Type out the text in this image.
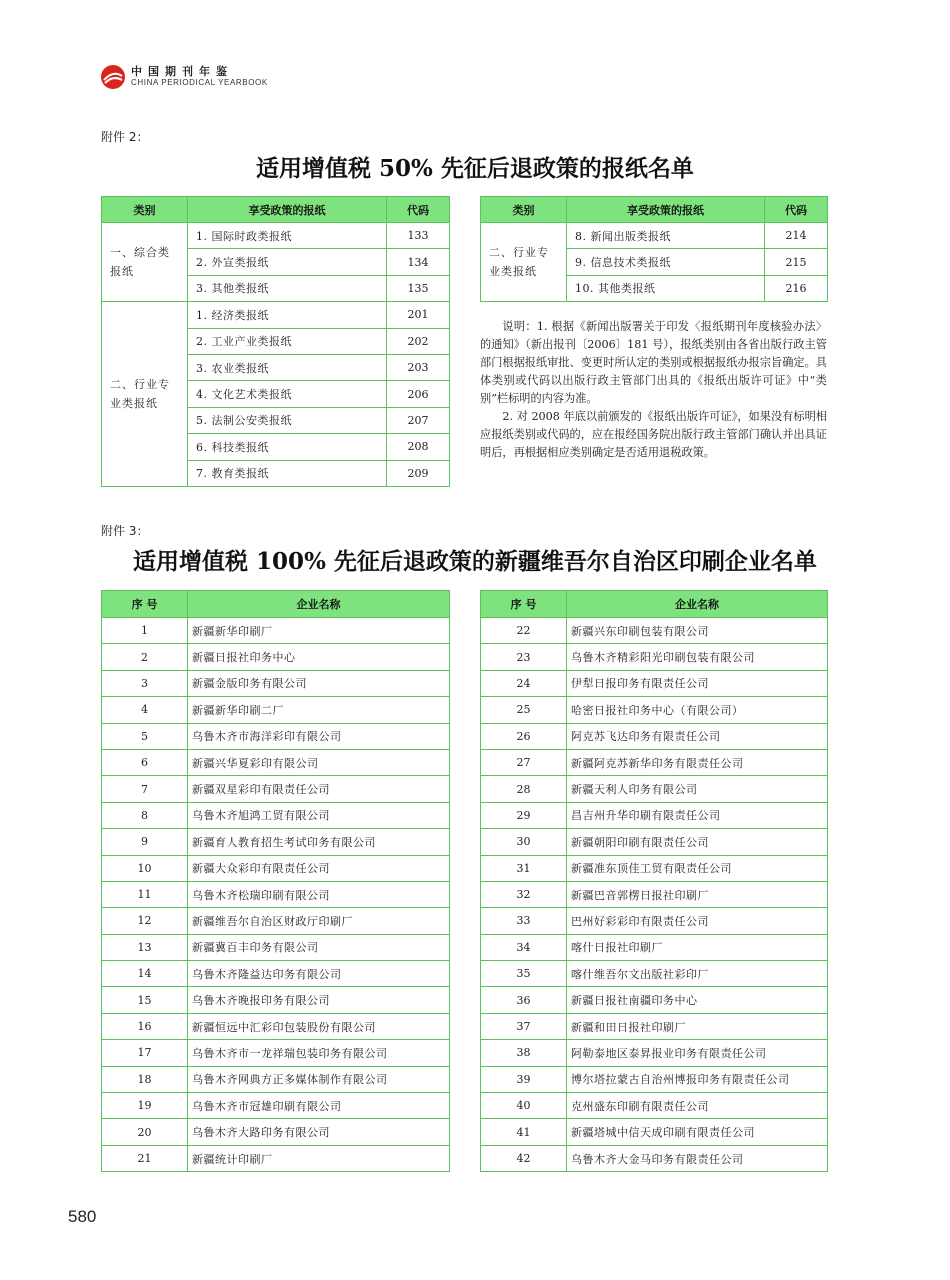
中国期刊年鉴
CHINA PERIODICAL YEARBOOK
附件 2：
适用增值税 50% 先征后退政策的报纸名单
类别	享受政策的报纸	代码
一、综合类报纸	1. 国际时政类报纸	133
	2. 外宣类报纸	134
	3. 其他类报纸	135
二、行业专业类报纸	1. 经济类报纸	201
	2. 工业产业类报纸	202
	3. 农业类报纸	203
	4. 文化艺术类报纸	206
	5. 法制公安类报纸	207
	6. 科技类报纸	208
	7. 教育类报纸	209
类别	享受政策的报纸	代码
二、行业专业类报纸	8. 新闻出版类报纸	214
	9. 信息技术类报纸	215
	10. 其他类报纸	216

说明：1. 根据《新闻出版署关于印发〈报纸期刊年度核验办法〉的通知》（新出报刊〔2006〕181 号），报纸类别由各省出版行政主管部门根据报纸审批、变更时所认定的类别或根据报纸办报宗旨确定。具体类别或代码以出版行政主管部门出具的《报纸出版许可证》中“类别”栏标明的内容为准。

2. 对 2008 年底以前颁发的《报纸出版许可证》，如果没有标明相应报纸类别或代码的，应在报经国务院出版行政主管部门确认并出具证明后，再根据相应类别确定是否适用退税政策。

附件 3：
适用增值税 100% 先征后退政策的新疆维吾尔自治区印刷企业名单
序 号	企业名称
1	新疆新华印刷厂
2	新疆日报社印务中心
3	新疆金版印务有限公司
4	新疆新华印刷二厂
5	乌鲁木齐市海洋彩印有限公司
6	新疆兴华夏彩印有限公司
7	新疆双星彩印有限责任公司
8	乌鲁木齐旭鸿工贸有限公司
9	新疆育人教育招生考试印务有限公司
10	新疆大众彩印有限责任公司
11	乌鲁木齐松瑞印刷有限公司
12	新疆维吾尔自治区财政厅印刷厂
13	新疆冀百丰印务有限公司
14	乌鲁木齐隆益达印务有限公司
15	乌鲁木齐晚报印务有限公司
16	新疆恒远中汇彩印包装股份有限公司
17	乌鲁木齐市一龙祥瑞包装印务有限公司
18	乌鲁木齐网典方正多媒体制作有限公司
19	乌鲁木齐市冠雄印刷有限公司
20	乌鲁木齐大路印务有限公司
21	新疆统计印刷厂
序 号	企业名称
22	新疆兴东印刷包装有限公司
23	乌鲁木齐精彩阳光印刷包装有限公司
24	伊犁日报印务有限责任公司
25	哈密日报社印务中心（有限公司）
26	阿克苏飞达印务有限责任公司
27	新疆阿克苏新华印务有限责任公司
28	新疆天利人印务有限公司
29	昌吉州升华印刷有限责任公司
30	新疆朝阳印刷有限责任公司
31	新疆准东顶佳工贸有限责任公司
32	新疆巴音郭楞日报社印刷厂
33	巴州好彩彩印有限责任公司
34	喀什日报社印刷厂
35	喀什维吾尔文出版社彩印厂
36	新疆日报社南疆印务中心
37	新疆和田日报社印刷厂
38	阿勒泰地区泰昇报业印务有限责任公司
39	博尔塔拉蒙古自治州博报印务有限责任公司
40	克州盛东印刷有限责任公司
41	新疆塔城中信天成印刷有限责任公司
42	乌鲁木齐大金马印务有限责任公司
580
